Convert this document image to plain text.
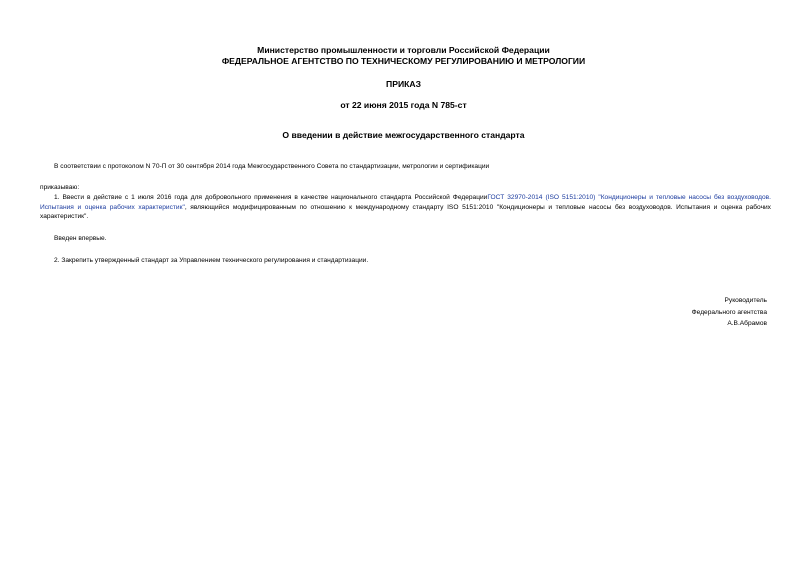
Министерство промышленности и торговли Российской Федерации
ФЕДЕРАЛЬНОЕ АГЕНТСТВО ПО ТЕХНИЧЕСКОМУ РЕГУЛИРОВАНИЮ И МЕТРОЛОГИИ
ПРИКАЗ
от 22 июня 2015 года N 785-ст
О введении в действие межгосударственного стандарта
В соответствии с протоколом N 70-П от 30 сентября 2014 года Межгосударственного Совета по стандартизации, метрологии и сертификации
приказываю:
1. Ввести в действие с 1 июля 2016 года для добровольного применения в качестве национального стандарта Российской ФедерацииГОСТ 32970-2014 (ISO 5151:2010) "Кондиционеры и тепловые насосы без воздуховодов. Испытания и оценка рабочих характеристик", являющийся модифицированным по отношению к международному стандарту ISO 5151:2010 "Кондиционеры и тепловые насосы без воздуховодов. Испытания и оценка рабочих характеристик".
Введен впервые.
2. Закрепить утвержденный стандарт за Управлением технического регулирования и стандартизации.
Руководитель
Федерального агентства
А.В.Абрамов
